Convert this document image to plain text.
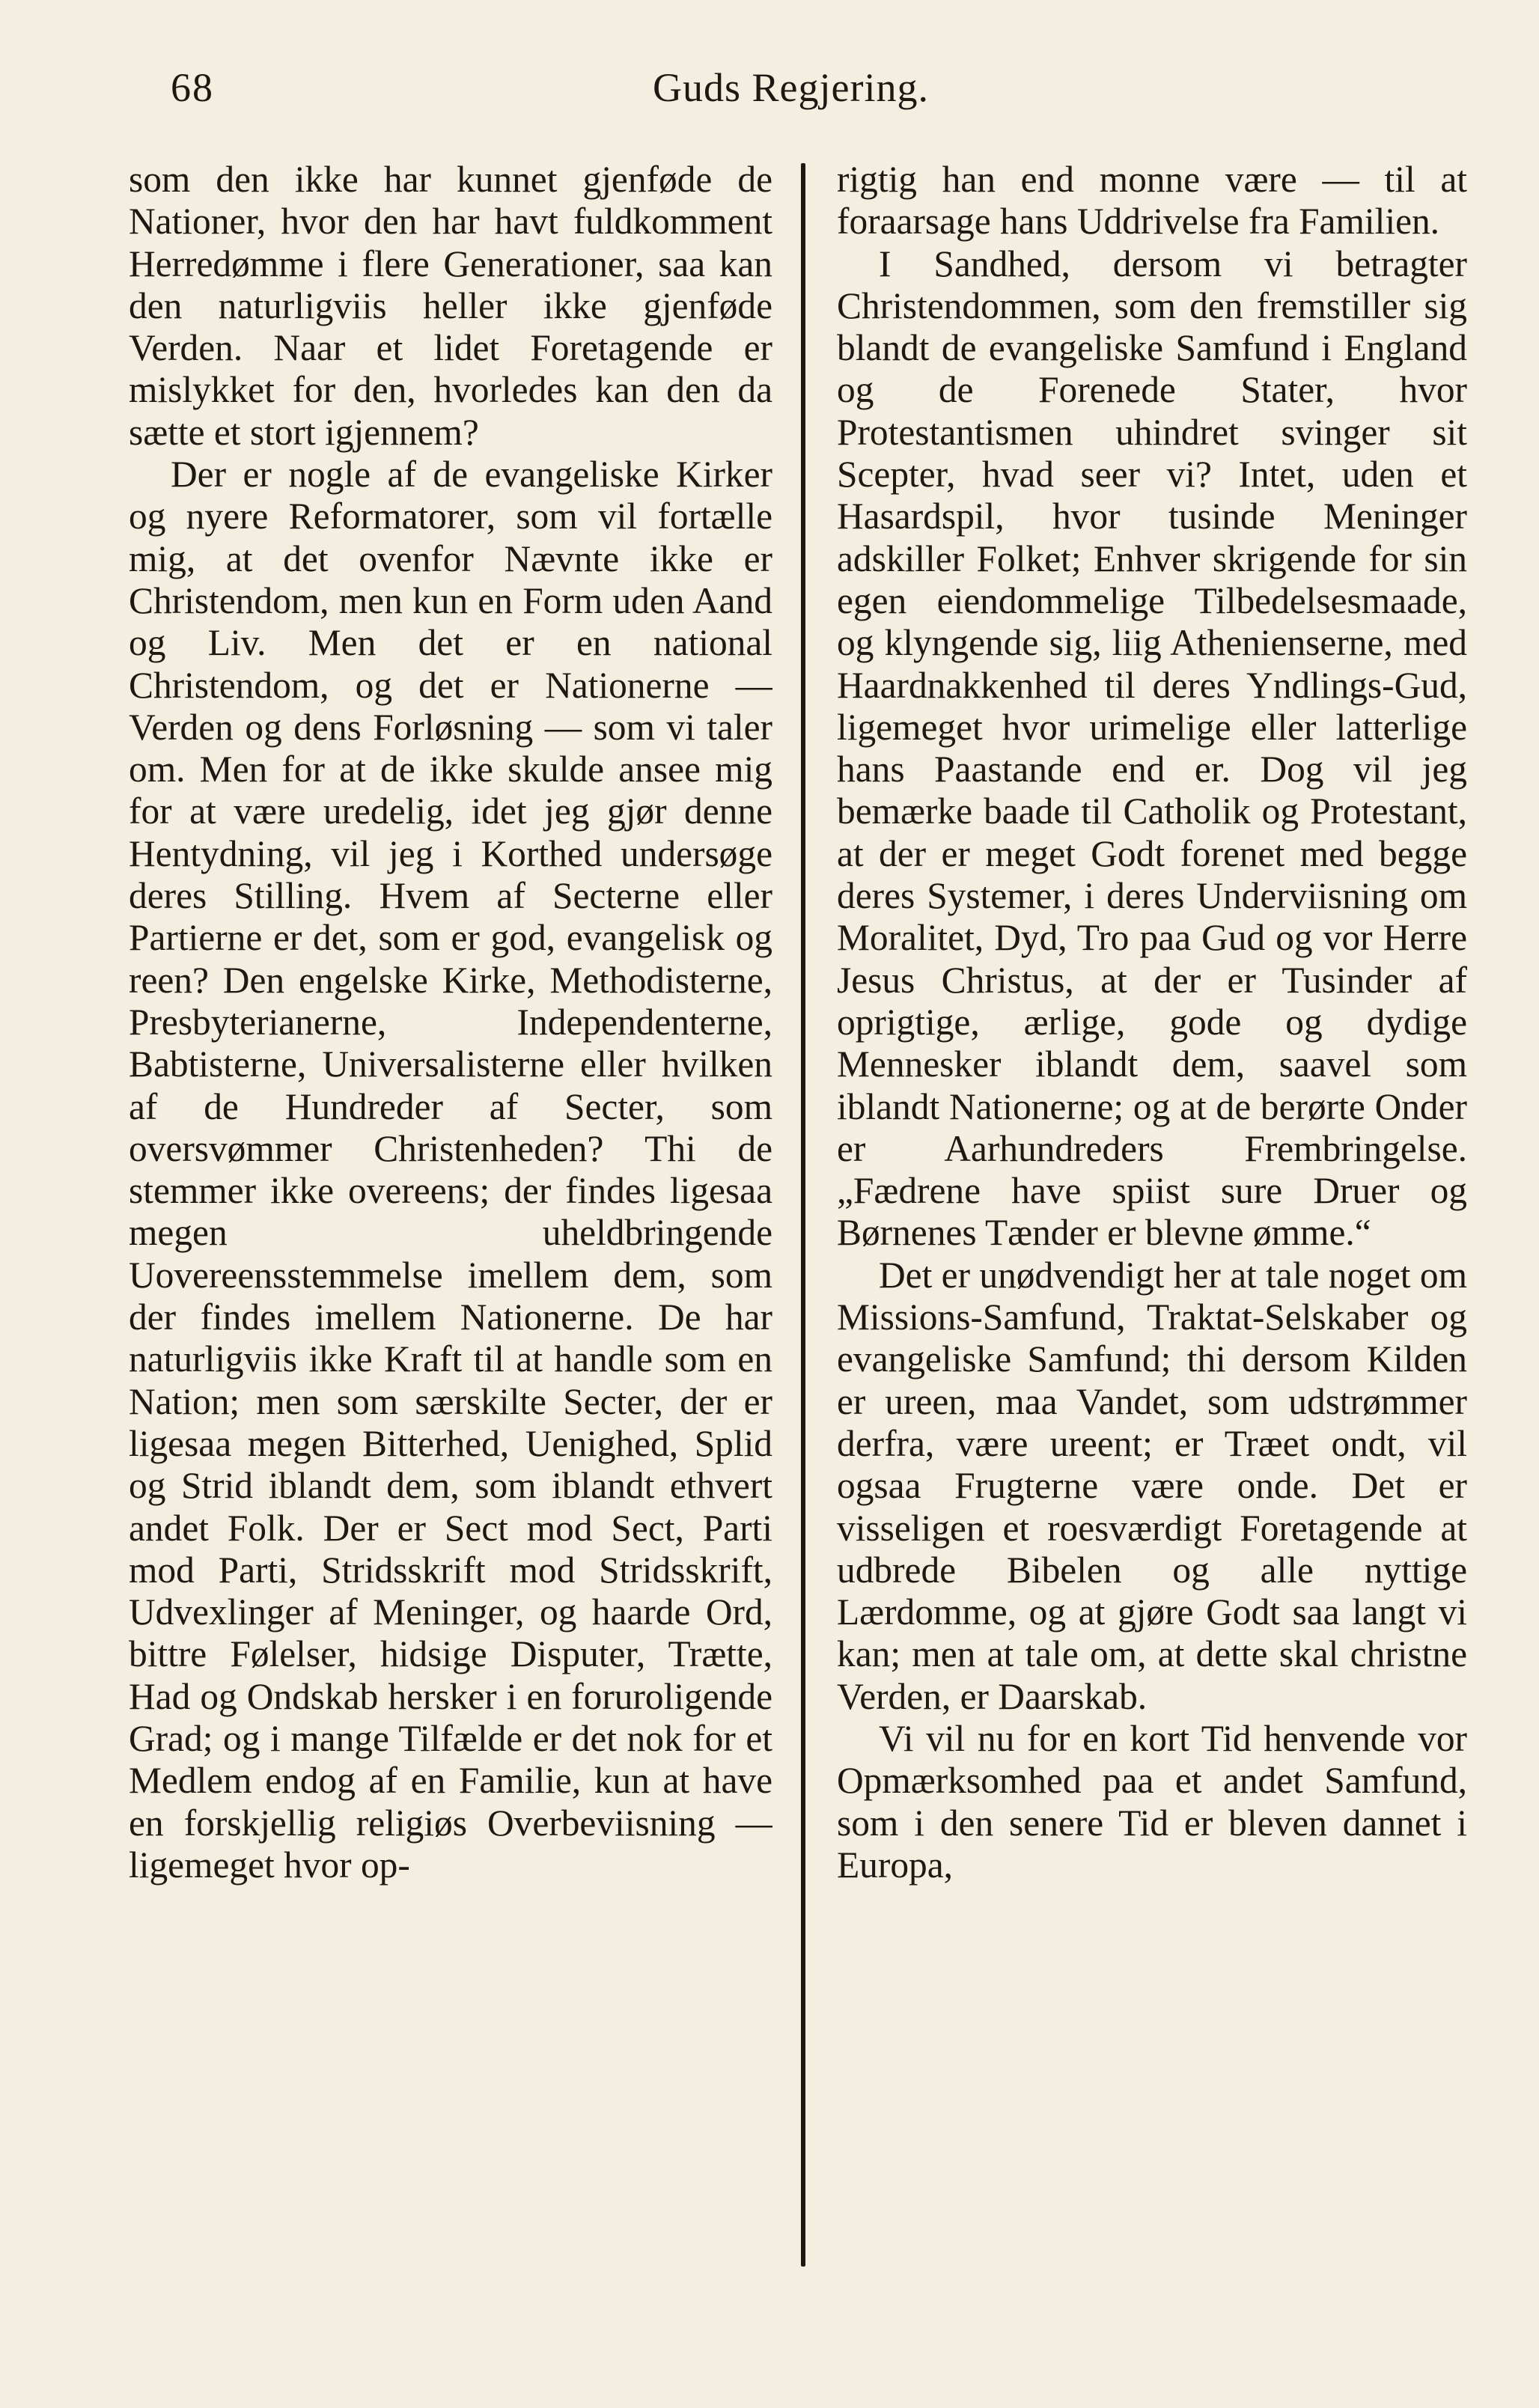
68	Guds Regjering.

som den ikke har kunnet gjenføde de Nationer, hvor den har havt fuldkomment Herredømme i flere Generationer, saa kan den naturligviis heller ikke gjenføde Verden. Naar et lidet Foretagende er mislykket for den, hvorledes kan den da sætte et stort igjennem?

Der er nogle af de evangeliske Kirker og nyere Reformatorer, som vil fortælle mig, at det ovenfor Nævnte ikke er Christendom, men kun en Form uden Aand og Liv. Men det er en national Christendom, og det er Nationerne — Verden og dens Forløsning — som vi taler om. Men for at de ikke skulde ansee mig for at være uredelig, idet jeg gjør denne Hentydning, vil jeg i Korthed undersøge deres Stilling. Hvem af Secterne eller Partierne er det, som er god, evangelisk og reen? Den engelske Kirke, Methodisterne, Presbyterianerne, Independenterne, Babtisterne, Universalisterne eller hvilken af de Hundreder af Secter, som oversvømmer Christenheden? Thi de stemmer ikke overeens; der findes ligesaa megen uheldbringende Uovereensstemmelse imellem dem, som der findes imellem Nationerne. De har naturligviis ikke Kraft til at handle som en Nation; men som særskilte Secter, der er ligesaa megen Bitterhed, Uenighed, Splid og Strid iblandt dem, som iblandt ethvert andet Folk. Der er Sect mod Sect, Parti mod Parti, Stridsskrift mod Stridsskrift, Udvexlinger af Meninger, og haarde Ord, bittre Følelser, hidsige Disputer, Trætte, Had og Ondskab hersker i en foruroligende Grad; og i mange Tilfælde er det nok for et Medlem endog af en Familie, kun at have en forskjellig religiøs Overbeviisning — ligemeget hvor op-

rigtig han end monne være — til at foraarsage hans Uddrivelse fra Familien.

I Sandhed, dersom vi betragter Christendommen, som den fremstiller sig blandt de evangeliske Samfund i England og de Forenede Stater, hvor Protestantismen uhindret svinger sit Scepter, hvad seer vi? Intet, uden et Hasardspil, hvor tusinde Meninger adskiller Folket; Enhver skrigende for sin egen eiendommelige Tilbedelsesmaade, og klyngende sig, liig Athenienserne, med Haardnakkenhed til deres Yndlings-Gud, ligemeget hvor urimelige eller latterlige hans Paastande end er. Dog vil jeg bemærke baade til Catholik og Protestant, at der er meget Godt forenet med begge deres Systemer, i deres Underviisning om Moralitet, Dyd, Tro paa Gud og vor Herre Jesus Christus, at der er Tusinder af oprigtige, ærlige, gode og dydige Mennesker iblandt dem, saavel som iblandt Nationerne; og at de berørte Onder er Aarhundreders Frembringelse. „Fædrene have spiist sure Druer og Børnenes Tænder er blevne ømme.“

Det er unødvendigt her at tale noget om Missions-Samfund, Traktat-Selskaber og evangeliske Samfund; thi dersom Kilden er ureen, maa Vandet, som udstrømmer derfra, være ureent; er Træet ondt, vil ogsaa Frugterne være onde. Det er visseligen et roesværdigt Foretagende at udbrede Bibelen og alle nyttige Lærdomme, og at gjøre Godt saa langt vi kan; men at tale om, at dette skal christne Verden, er Daarskab.

Vi vil nu for en kort Tid henvende vor Opmærksomhed paa et andet Samfund, som i den senere Tid er bleven dannet i Europa,
